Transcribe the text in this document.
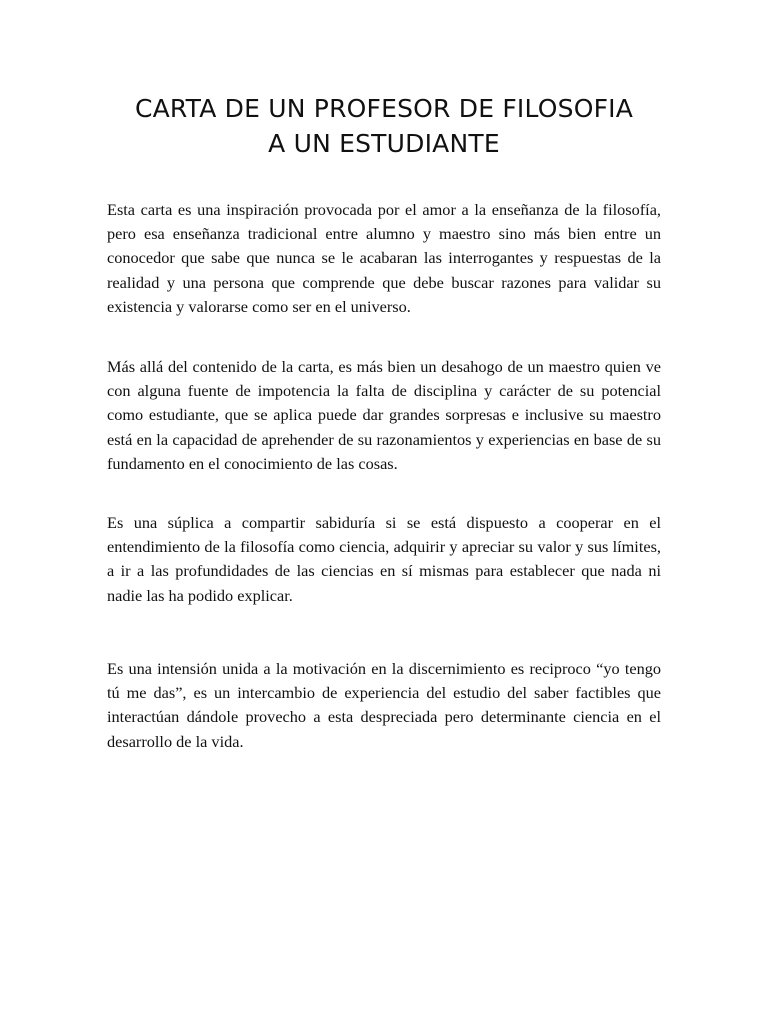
CARTA DE UN PROFESOR DE FILOSOFIA
A UN ESTUDIANTE

Esta carta es una inspiración provocada por el amor a la enseñanza de la filosofía, pero esa enseñanza tradicional entre alumno y maestro sino más bien entre un conocedor que sabe que nunca se le acabaran las interrogantes y respuestas de la realidad y una persona que comprende que debe buscar razones para validar su existencia y valorarse como ser en el universo.

Más allá del contenido de la carta, es más bien un desahogo de un maestro quien ve con alguna fuente de impotencia la falta de disciplina y carácter de su potencial como estudiante, que se aplica puede dar grandes sorpresas e inclusive su maestro está en la capacidad de aprehender de su razonamientos y experiencias en base de su fundamento en el conocimiento de las cosas.

Es una súplica a compartir sabiduría si se está dispuesto a cooperar en el entendimiento de la filosofía como ciencia, adquirir y apreciar su valor y sus límites, a ir a las profundidades de las ciencias en sí mismas para establecer que nada ni nadie las ha podido explicar.

Es una intensión unida a la motivación en la discernimiento es reciproco “yo tengo tú me das”, es un intercambio de experiencia del estudio del saber factibles que interactúan dándole provecho a esta despreciada pero determinante ciencia en el desarrollo de la vida.
